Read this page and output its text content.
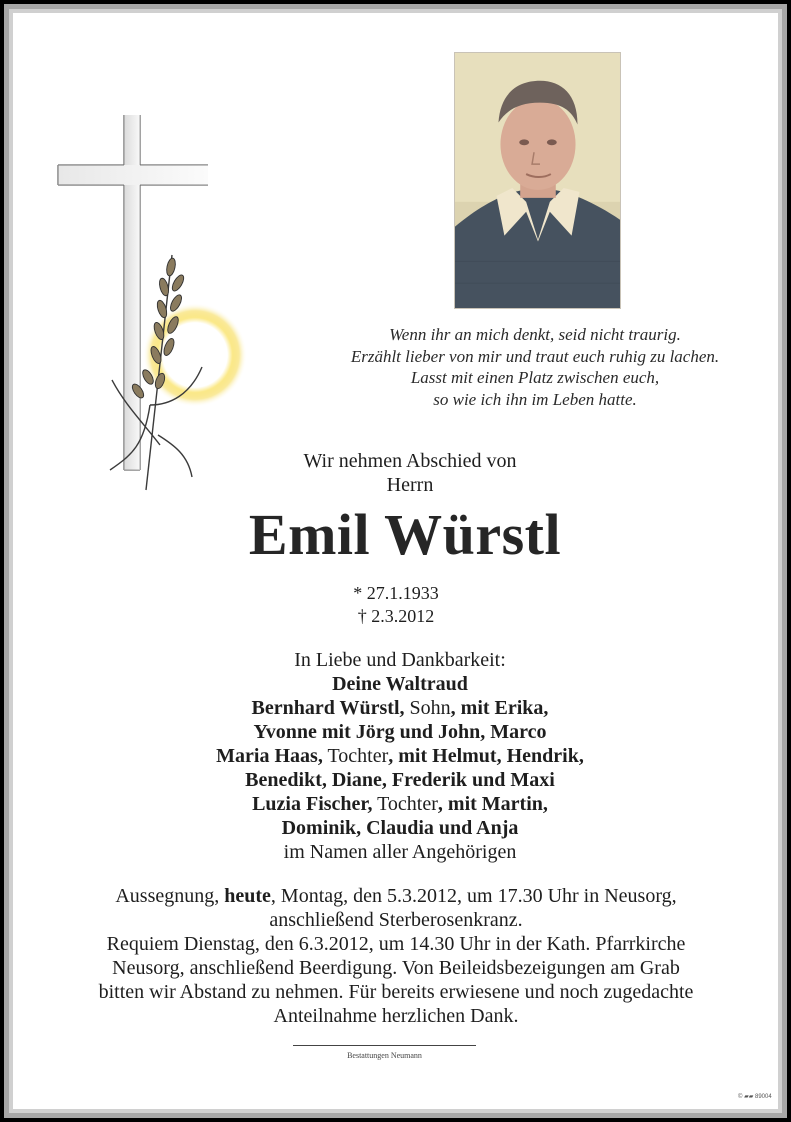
Wenn ihr an mich denkt, seid nicht traurig.
Erzählt lieber von mir und traut euch ruhig zu lachen.
Lasst mit einen Platz zwischen euch,
so wie ich ihn im Leben hatte.
Wir nehmen Abschied von
Herrn
Emil Würstl
* 27.1.1933
† 2.3.2012
In Liebe und Dankbarkeit:
Deine Waltraud
Bernhard Würstl, Sohn, mit Erika,
Yvonne mit Jörg und John, Marco
Maria Haas, Tochter, mit Helmut, Hendrik,
Benedikt, Diane, Frederik und Maxi
Luzia Fischer, Tochter, mit Martin,
Dominik, Claudia und Anja
im Namen aller Angehörigen
Aussegnung, heute, Montag, den 5.3.2012, um 17.30 Uhr in Neusorg,
anschließend Sterberosenkranz.
Requiem Dienstag, den 6.3.2012, um 14.30 Uhr in der Kath. Pfarrkirche
Neusorg, anschließend Beerdigung. Von Beileidsbezeigungen am Grab
bitten wir Abstand zu nehmen. Für bereits erwiesene und noch zugedachte
Anteilnahme herzlichen Dank.
Bestattungen Neumann
© ▰▰ 89004
